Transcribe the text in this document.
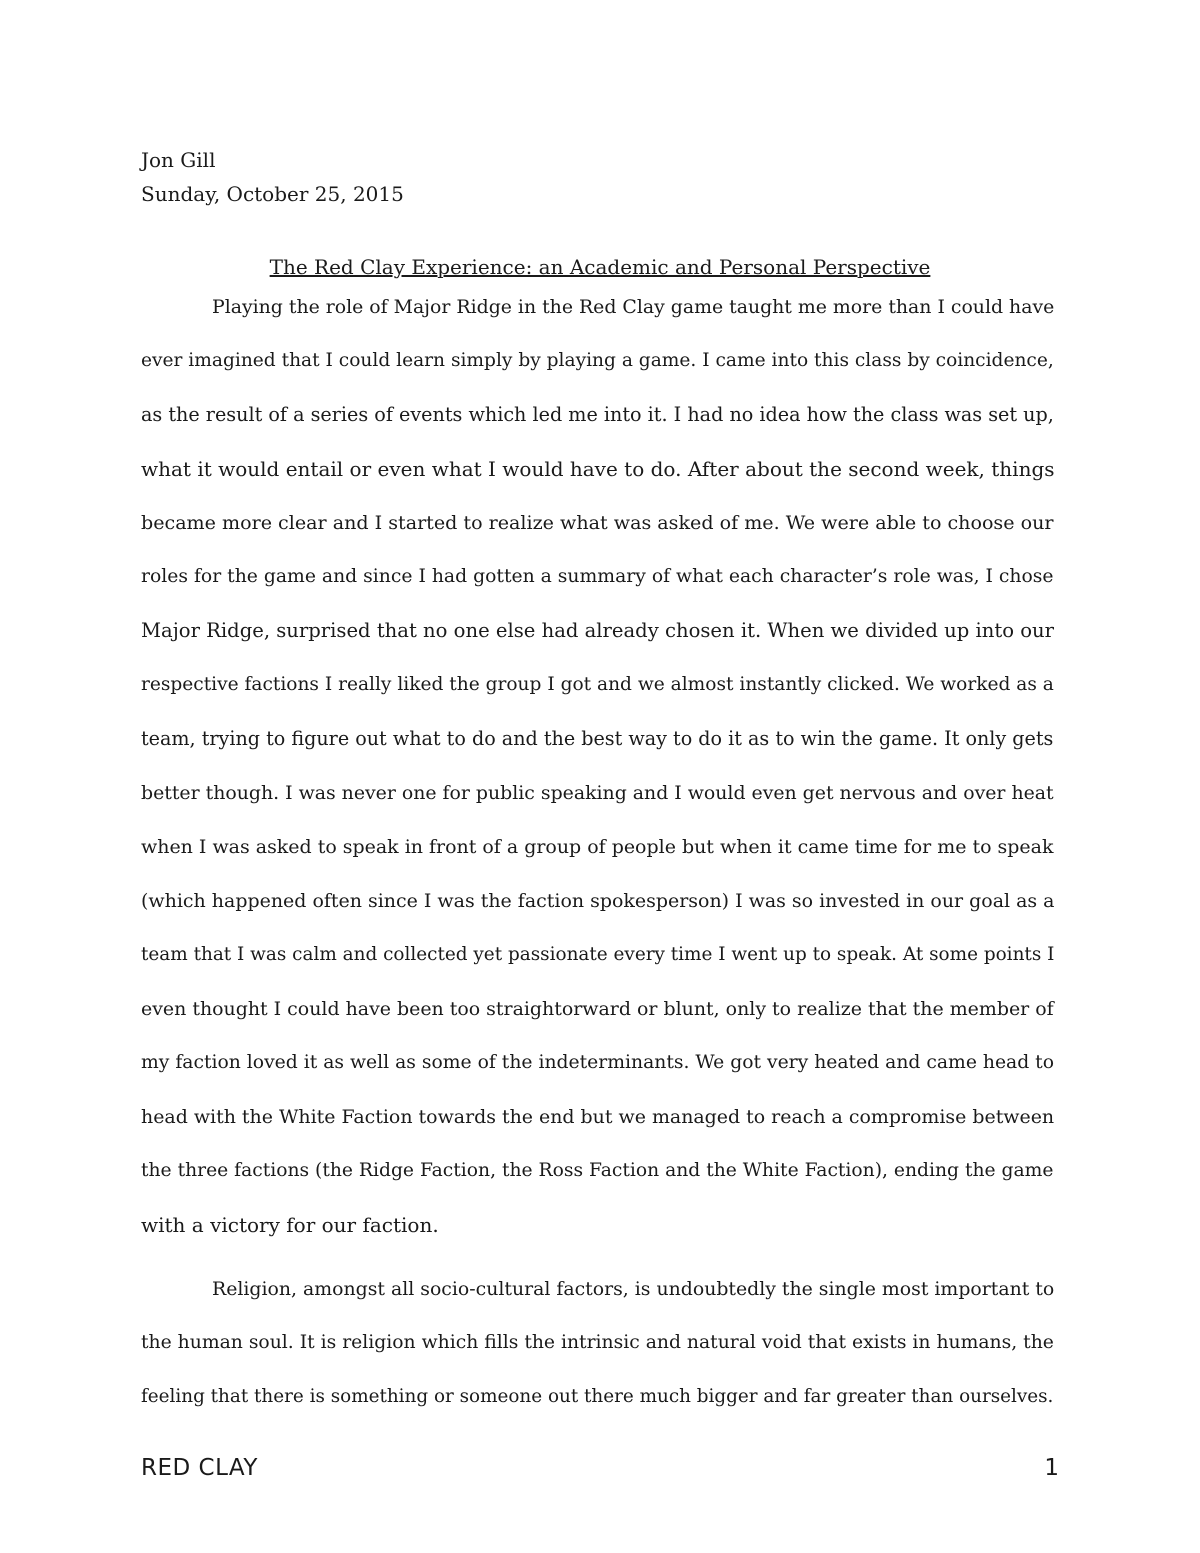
Jon Gill
Sunday, October 25, 2015
The Red Clay Experience: an Academic and Personal Perspective
Playing the role of Major Ridge in the Red Clay game taught me more than I could have
ever imagined that I could learn simply by playing a game. I came into this class by coincidence,
as the result of a series of events which led me into it. I had no idea how the class was set up,
what it would entail or even what I would have to do. After about the second week, things
became more clear and I started to realize what was asked of me. We were able to choose our
roles for the game and since I had gotten a summary of what each character’s role was, I chose
Major Ridge, surprised that no one else had already chosen it. When we divided up into our
respective factions I really liked the group I got and we almost instantly clicked. We worked as a
team, trying to figure out what to do and the best way to do it as to win the game. It only gets
better though. I was never one for public speaking and I would even get nervous and over heat
when I was asked to speak in front of a group of people but when it came time for me to speak
(which happened often since I was the faction spokesperson) I was so invested in our goal as a
team that I was calm and collected yet passionate every time I went up to speak. At some points I
even thought I could have been too straightorward or blunt, only to realize that the member of
my faction loved it as well as some of the indeterminants. We got very heated and came head to
head with the White Faction towards the end but we managed to reach a compromise between
the three factions (the Ridge Faction, the Ross Faction and the White Faction), ending the game
with a victory for our faction.
Religion, amongst all socio-cultural factors, is undoubtedly the single most important to
the human soul. It is religion which fills the intrinsic and natural void that exists in humans, the
feeling that there is something or someone out there much bigger and far greater than ourselves.
RED CLAY	1
